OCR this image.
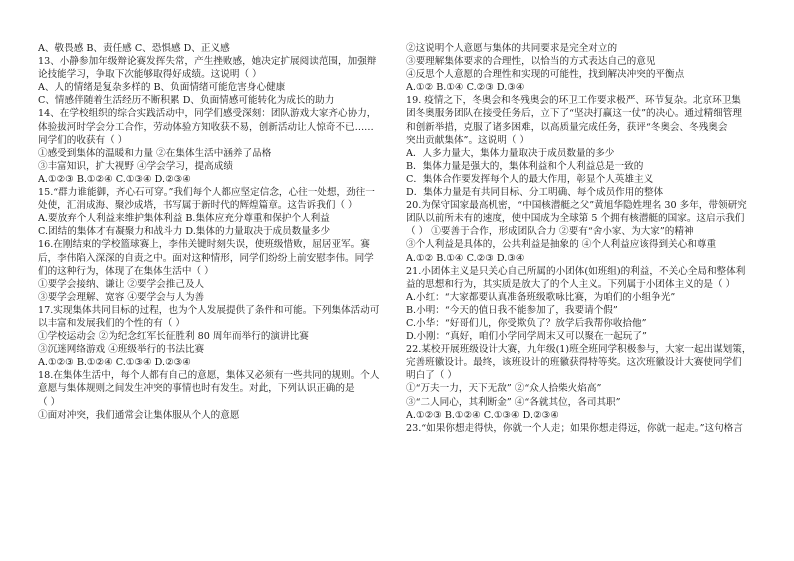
A、敬畏感 B、责任感 C、恐惧感 D、正义感
13、小静参加年级辩论赛发挥失常，产生挫败感，她决定扩展阅读范围，加强辩
论技能学习，争取下次能够取得好成绩。这说明（ ）
A、人的情绪是复杂多样的 B、负面情绪可能危害身心健康
C、情感伴随着生活经历不断积累 D、负面情感可能转化为成长的助力
14、在学校组织的综合实践活动中，同学们感受深刻：团队游戏大家齐心协力，
体验拔河时学会分工合作，劳动体验方知收获不易，创新活动让人惊奇不已……
同学们的收获有（ ）
①感受到集体的温暖和力量 ②在集体生活中涵养了品格
③丰富知识，扩大视野 ④学会学习，提高成绩
A.①②③ B.①②④ C.①③④ D.②③④
15.“群力谁能御，齐心石可穿。”我们每个人都应坚定信念，心往一处想，劲往一
处使，汇涓成海、聚沙成塔，书写属于新时代的辉煌篇章。这告诉我们（ ）
A.要放弃个人利益来维护集体利益 B.集体应充分尊重和保护个人利益
C.团结的集体才有凝聚力和战斗力 D.集体的力量取决于成员数量多少
16.在刚结束的学校篮球赛上，李伟关键时刻失误，使班级惜败，屈居亚军。赛
后，李伟陷入深深的自责之中。面对这种情形，同学们纷纷上前安慰李伟。同学
们的这种行为，体现了在集体生活中（ ）
①要学会接纳、谦让 ②要学会推己及人
③要学会理解、宽容 ④要学会与人为善
17.实现集体共同目标的过程，也为个人发展提供了条件和可能。下列集体活动可
以丰富和发展我们的个性的有（ ）
①学校运动会 ②为纪念红军长征胜利 80 周年而举行的演讲比赛
③沉迷网络游戏 ④班级举行的书法比赛
A.①②③ B.①②④ C.①③④ D.②③④
18.在集体生活中，每个人都有自己的意愿，集体又必须有一些共同的规则。个人
意愿与集体规则之间发生冲突的事情也时有发生。对此，下列认识正确的是
（ ）
①面对冲突，我们通常会让集体服从个人的意愿
②这说明个人意愿与集体的共同要求是完全对立的
③要理解集体要求的合理性，以恰当的方式表达自己的意见
④反思个人意愿的合理性和实现的可能性，找到解决冲突的平衡点
A.①② B.①④ C.②③ D.③④
19. 疫情之下，冬奥会和冬残奥会的环卫工作要求极严、环节复杂。北京环卫集
团冬奥服务团队在接受任务后，立下了“坚决打赢这一仗”的决心。通过精细管理
和创新举措，克服了诸多困难，以高质量完成任务，获评“冬奥会、冬残奥会
突出贡献集体”。这说明（ ）
A．人多力量大，集体力量取决于成员数量的多少
B．集体力量是强大的，集体利益和个人利益总是一致的
C．集体合作要发挥每个人的最大作用，彰显个人英雄主义
D．集体力量是有共同目标、分工明确、每个成员作用的整体
20.为保守国家最高机密，“中国核潜艇之父”黄旭华隐姓埋名 30 多年，带领研究
团队以前所未有的速度，使中国成为全球第 5 个拥有核潜艇的国家。这启示我们
（ ） ①要善于合作，形成团队合力 ②要有“舍小家、为大家”的精神
③个人利益是具体的，公共利益是抽象的 ④个人利益应该得到关心和尊重
A.①② B.①④ C.②③ D.③④
21.小团体主义是只关心自己所属的小团体(如班组)的利益，不关心全局和整体利
益的思想和行为，其实质是放大了的个人主义。下列属于小团体主义的是（ ）
A.小红：“大家都要认真准备班级歌咏比赛，为咱们的小组争光”
B.小明：“今天的值日我不能参加了，我要请个假”
C.小华：“好哥们儿，你受欺负了？放学后我帮你收拾他”
D.小刚：“真好，咱们小学同学周末又可以聚在一起玩了”
22.某校开展班级设计大赛，九年级(1)班全班同学积极参与，大家一起出谋划策，
完善班徽设计。最终，该班设计的班徽获得特等奖。这次班徽设计大赛使同学们
明白了（ ）
①“万夫一力，天下无敌” ②“众人拾柴火焰高”
③“二人同心，其利断金” ④“各就其位，各司其职”
A.①②③ B.①②④ C.①③④ D.②③④
23.“如果你想走得快，你就一个人走；如果你想走得远，你就一起走。”这句格言
